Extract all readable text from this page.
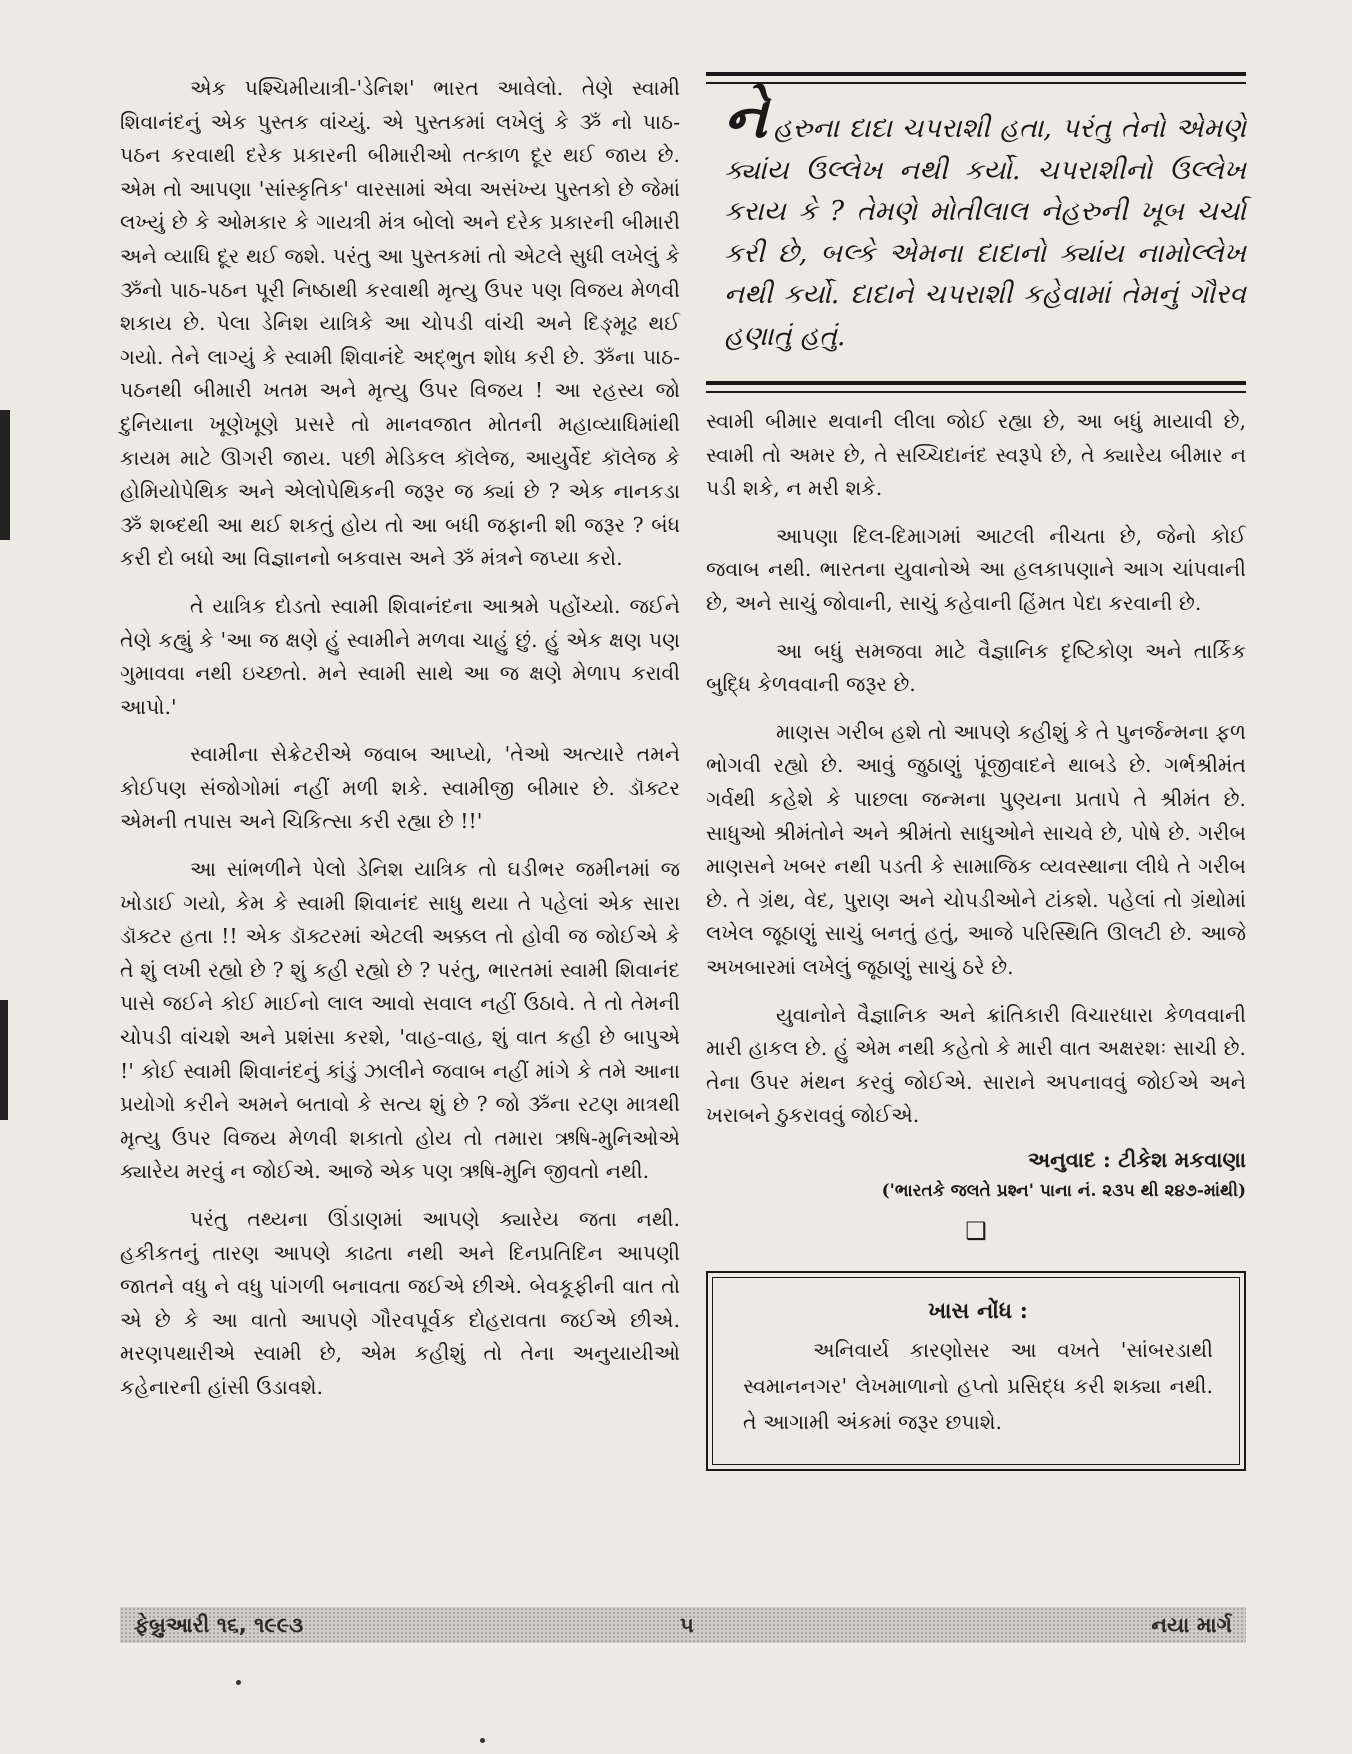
એક પશ્ચિમીયાત્રી-'ડેનિશ' ભારત આવેલો. તેણે સ્વામી શિવાનંદનું એક પુસ્તક વાંચ્યું. એ પુસ્તકમાં લખેલું કે ૐ નો પાઠ-પઠન કરવાથી દરેક પ્રકારની બીમારીઓ તત્કાળ દૂર થઈ જાય છે. એમ તો આપણા 'સાંસ્કૃતિક' વારસામાં એવા અસંખ્ય પુસ્તકો છે જેમાં લખ્યું છે કે ઓમકાર કે ગાયત્રી મંત્ર બોલો અને દરેક પ્રકારની બીમારી અને વ્યાધિ દૂર થઈ જશે. પરંતુ આ પુસ્તકમાં તો એટલે સુધી લખેલું કે ૐનો પાઠ-પઠન પૂરી નિષ્ઠાથી કરવાથી મૃત્યુ ઉપર પણ વિજય મેળવી શકાય છે. પેલા ડેનિશ યાત્રિકે આ ચોપડી વાંચી અને દિઙ્મૂઢ થઈ ગયો. તેને લાગ્યું કે સ્વામી શિવાનંદે અદ્ભુત શોધ કરી છે. ૐના પાઠ-પઠનથી બીમારી ખતમ અને મૃત્યુ ઉપર વિજય ! આ રહસ્ય જો દુનિયાના ખૂણેખૂણે પ્રસરે તો માનવજાત મોતની મહાવ્યાધિમાંથી કાયમ માટે ઊગરી જાય. પછી મેડિકલ કૉલેજ, આયુર્વેદ કૉલેજ કે હોમિયોપેથિક અને એલોપેથિકની જરૂર જ ક્યાં છે ? એક નાનકડા ૐ શબ્દથી આ થઈ શકતું હોય તો આ બધી જફાની શી જરૂર ? બંધ કરી દો બધો આ વિજ્ઞાનનો બકવાસ અને ૐ મંત્રને જપ્યા કરો.

તે યાત્રિક દોડતો સ્વામી શિવાનંદના આશ્રમે પહોંચ્યો. જઈને તેણે કહ્યું કે 'આ જ ક્ષણે હું સ્વામીને મળવા ચાહું છું. હું એક ક્ષણ પણ ગુમાવવા નથી ઇચ્છતો. મને સ્વામી સાથે આ જ ક્ષણે મેળાપ કરાવી આપો.'

સ્વામીના સેક્રેટરીએ જવાબ આપ્યો, 'તેઓ અત્યારે તમને કોઈપણ સંજોગોમાં નહીં મળી શકે. સ્વામીજી બીમાર છે. ડૉક્ટર એમની તપાસ અને ચિકિત્સા કરી રહ્યા છે !!'

આ સાંભળીને પેલો ડેનિશ યાત્રિક તો ઘડીભર જમીનમાં જ ખોડાઈ ગયો, કેમ કે સ્વામી શિવાનંદ સાધુ થયા તે પહેલાં એક સારા ડૉક્ટર હતા !! એક ડૉક્ટરમાં એટલી અક્કલ તો હોવી જ જોઈએ કે તે શું લખી રહ્યો છે ? શું કહી રહ્યો છે ? પરંતુ, ભારતમાં સ્વામી શિવાનંદ પાસે જઈને કોઈ માઈનો લાલ આવો સવાલ નહીં ઉઠાવે. તે તો તેમની ચોપડી વાંચશે અને પ્રશંસા કરશે, 'વાહ-વાહ, શું વાત કહી છે બાપુએ !' કોઈ સ્વામી શિવાનંદનું કાંડું ઝાલીને જવાબ નહીં માંગે કે તમે આના પ્રયોગો કરીને અમને બતાવો કે સત્ય શું છે ? જો ૐના રટણ માત્રથી મૃત્યુ ઉપર વિજય મેળવી શકાતો હોય તો તમારા ઋષિ-મુનિઓએ ક્યારેય મરવું ન જોઈએ. આજે એક પણ ઋષિ-મુનિ જીવતો નથી.

પરંતુ તથ્યના ઊંડાણમાં આપણે ક્યારેય જતા નથી. હકીકતનું તારણ આપણે કાઢતા નથી અને દિનપ્રતિદિન આપણી જાતને વધુ ને વધુ પાંગળી બનાવતા જઈએ છીએ. બેવકૂફીની વાત તો એ છે કે આ વાતો આપણે ગૌરવપૂર્વક દોહરાવતા જઈએ છીએ. મરણપથારીએ સ્વામી છે, એમ કહીશું તો તેના અનુયાયીઓ કહેનારની હાંસી ઉડાવશે.

નેહરુના દાદા ચપરાશી હતા, પરંતુ તેનો એમણે ક્યાંય ઉલ્લેખ નથી કર્યો. ચપરાશીનો ઉલ્લેખ કરાય કે ? તેમણે મોતીલાલ નેહરુની ખૂબ ચર્ચા કરી છે, બલ્કે એમના દાદાનો ક્યાંય નામોલ્લેખ નથી કર્યો. દાદાને ચપરાશી કહેવામાં તેમનું ગૌરવ હણાતું હતું.

સ્વામી બીમાર થવાની લીલા જોઈ રહ્યા છે, આ બધું માયાવી છે, સ્વામી તો અમર છે, તે સચ્ચિદાનંદ સ્વરૂપે છે, તે ક્યારેય બીમાર ન પડી શકે, ન મરી શકે.

આપણા દિલ-દિમાગમાં આટલી નીચતા છે, જેનો કોઈ જવાબ નથી. ભારતના યુવાનોએ આ હલકાપણાને આગ ચાંપવાની છે, અને સાચું જોવાની, સાચું કહેવાની હિંમત પેદા કરવાની છે.

આ બધું સમજવા માટે વૈજ્ઞાનિક દૃષ્ટિકોણ અને તાર્કિક બુદ્ધિ કેળવવાની જરૂર છે.

માણસ ગરીબ હશે તો આપણે કહીશું કે તે પુનર્જન્મના ફળ ભોગવી રહ્યો છે. આવું જુઠાણું પૂંજીવાદને થાબડે છે. ગર્ભશ્રીમંત ગર્વથી કહેશે કે પાછલા જન્મના પુણ્યના પ્રતાપે તે શ્રીમંત છે. સાધુઓ શ્રીમંતોને અને શ્રીમંતો સાધુઓને સાચવે છે, પોષે છે. ગરીબ માણસને ખબર નથી પડતી કે સામાજિક વ્યવસ્થાના લીધે તે ગરીબ છે. તે ગ્રંથ, વેદ, પુરાણ અને ચોપડીઓને ટાંકશે. પહેલાં તો ગ્રંથોમાં લખેલ જૂઠાણું સાચું બનતું હતું, આજે પરિસ્થિતિ ઊલટી છે. આજે અખબારમાં લખેલું જૂઠાણું સાચું ઠરે છે.

યુવાનોને વૈજ્ઞાનિક અને ક્રાંતિકારી વિચારધારા કેળવવાની મારી હાકલ છે. હું એમ નથી કહેતો કે મારી વાત અક્ષરશઃ સાચી છે. તેના ઉપર મંથન કરવું જોઈએ. સારાને અપનાવવું જોઈએ અને ખરાબને ઠુકરાવવું જોઈએ.

અનુવાદ : ટીકેશ મકવાણા
('ભારતકે જલતે પ્રશ્ન' પાના નં. ૨૩૫ થી ૨૪૭-માંથી)
❑
ખાસ નોંધ :

અનિવાર્ય કારણોસર આ વખતે 'સાંબરડાથી સ્વમાનનગર' લેખમાળાનો હપ્તો પ્રસિદ્ધ કરી શક્યા નથી. તે આગામી અંકમાં જરૂર છપાશે.

ફેબ્રુઆરી ૧૬, ૧૯૯૩	૫	નયા માર્ગ
